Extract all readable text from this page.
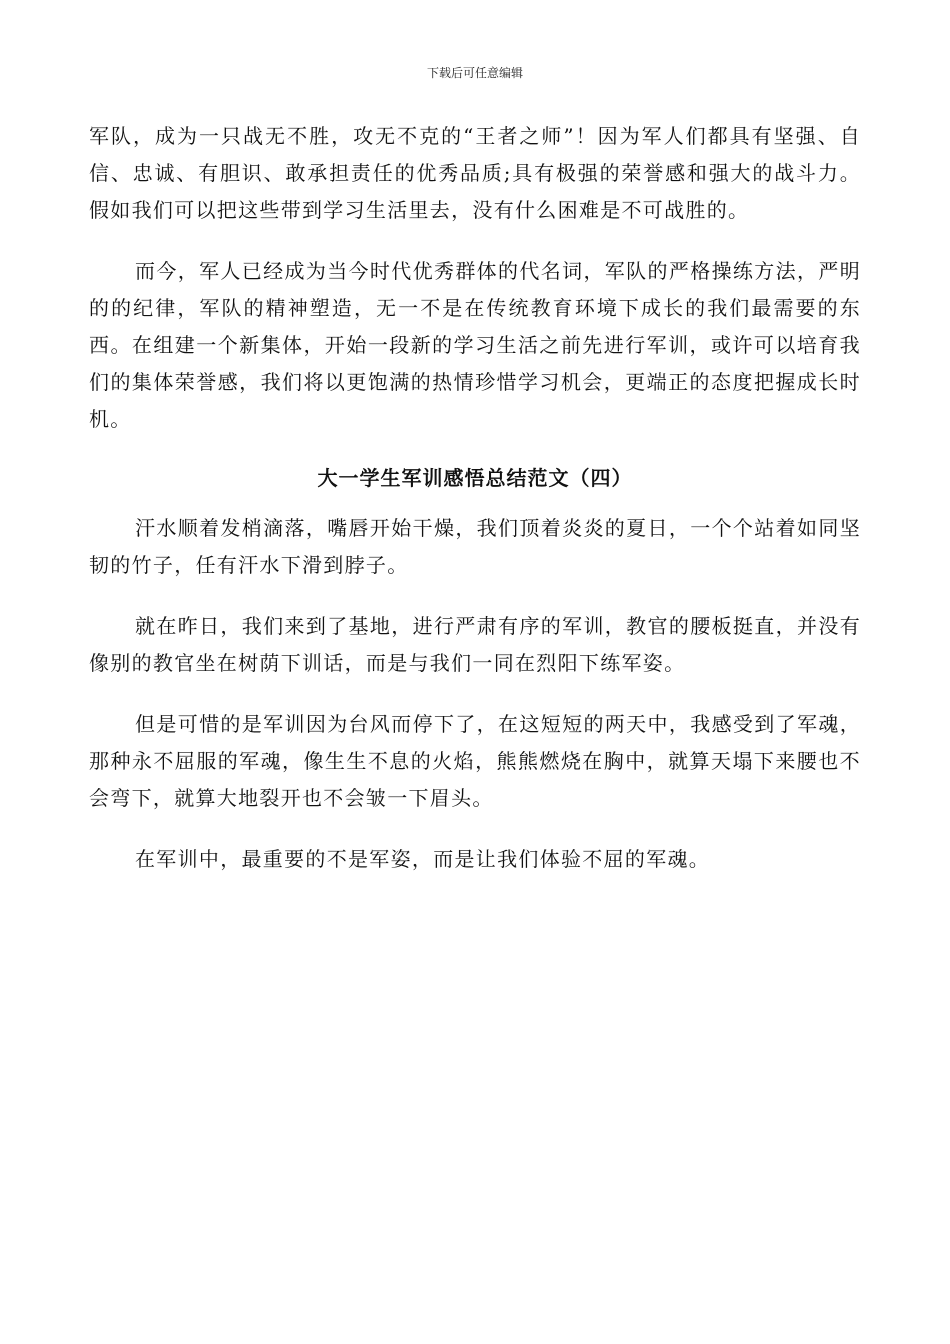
下载后可任意编辑

军队，成为一只战无不胜，攻无不克的“王者之师”！因为军人们都具有坚强、自信、忠诚、有胆识、敢承担责任的优秀品质;具有极强的荣誉感和强大的战斗力。假如我们可以把这些带到学习生活里去，没有什么困难是不可战胜的。

而今，军人已经成为当今时代优秀群体的代名词，军队的严格操练方法，严明的的纪律，军队的精神塑造，无一不是在传统教育环境下成长的我们最需要的东西。在组建一个新集体，开始一段新的学习生活之前先进行军训，或许可以培育我们的集体荣誉感，我们将以更饱满的热情珍惜学习机会，更端正的态度把握成长时机。

大一学生军训感悟总结范文（四）

汗水顺着发梢滴落，嘴唇开始干燥，我们顶着炎炎的夏日，一个个站着如同坚韧的竹子，任有汗水下滑到脖子。

就在昨日，我们来到了基地，进行严肃有序的军训，教官的腰板挺直，并没有像别的教官坐在树荫下训话，而是与我们一同在烈阳下练军姿。

但是可惜的是军训因为台风而停下了，在这短短的两天中，我感受到了军魂，那种永不屈服的军魂，像生生不息的火焰，熊熊燃烧在胸中，就算天塌下来腰也不会弯下，就算大地裂开也不会皱一下眉头。

在军训中，最重要的不是军姿，而是让我们体验不屈的军魂。
